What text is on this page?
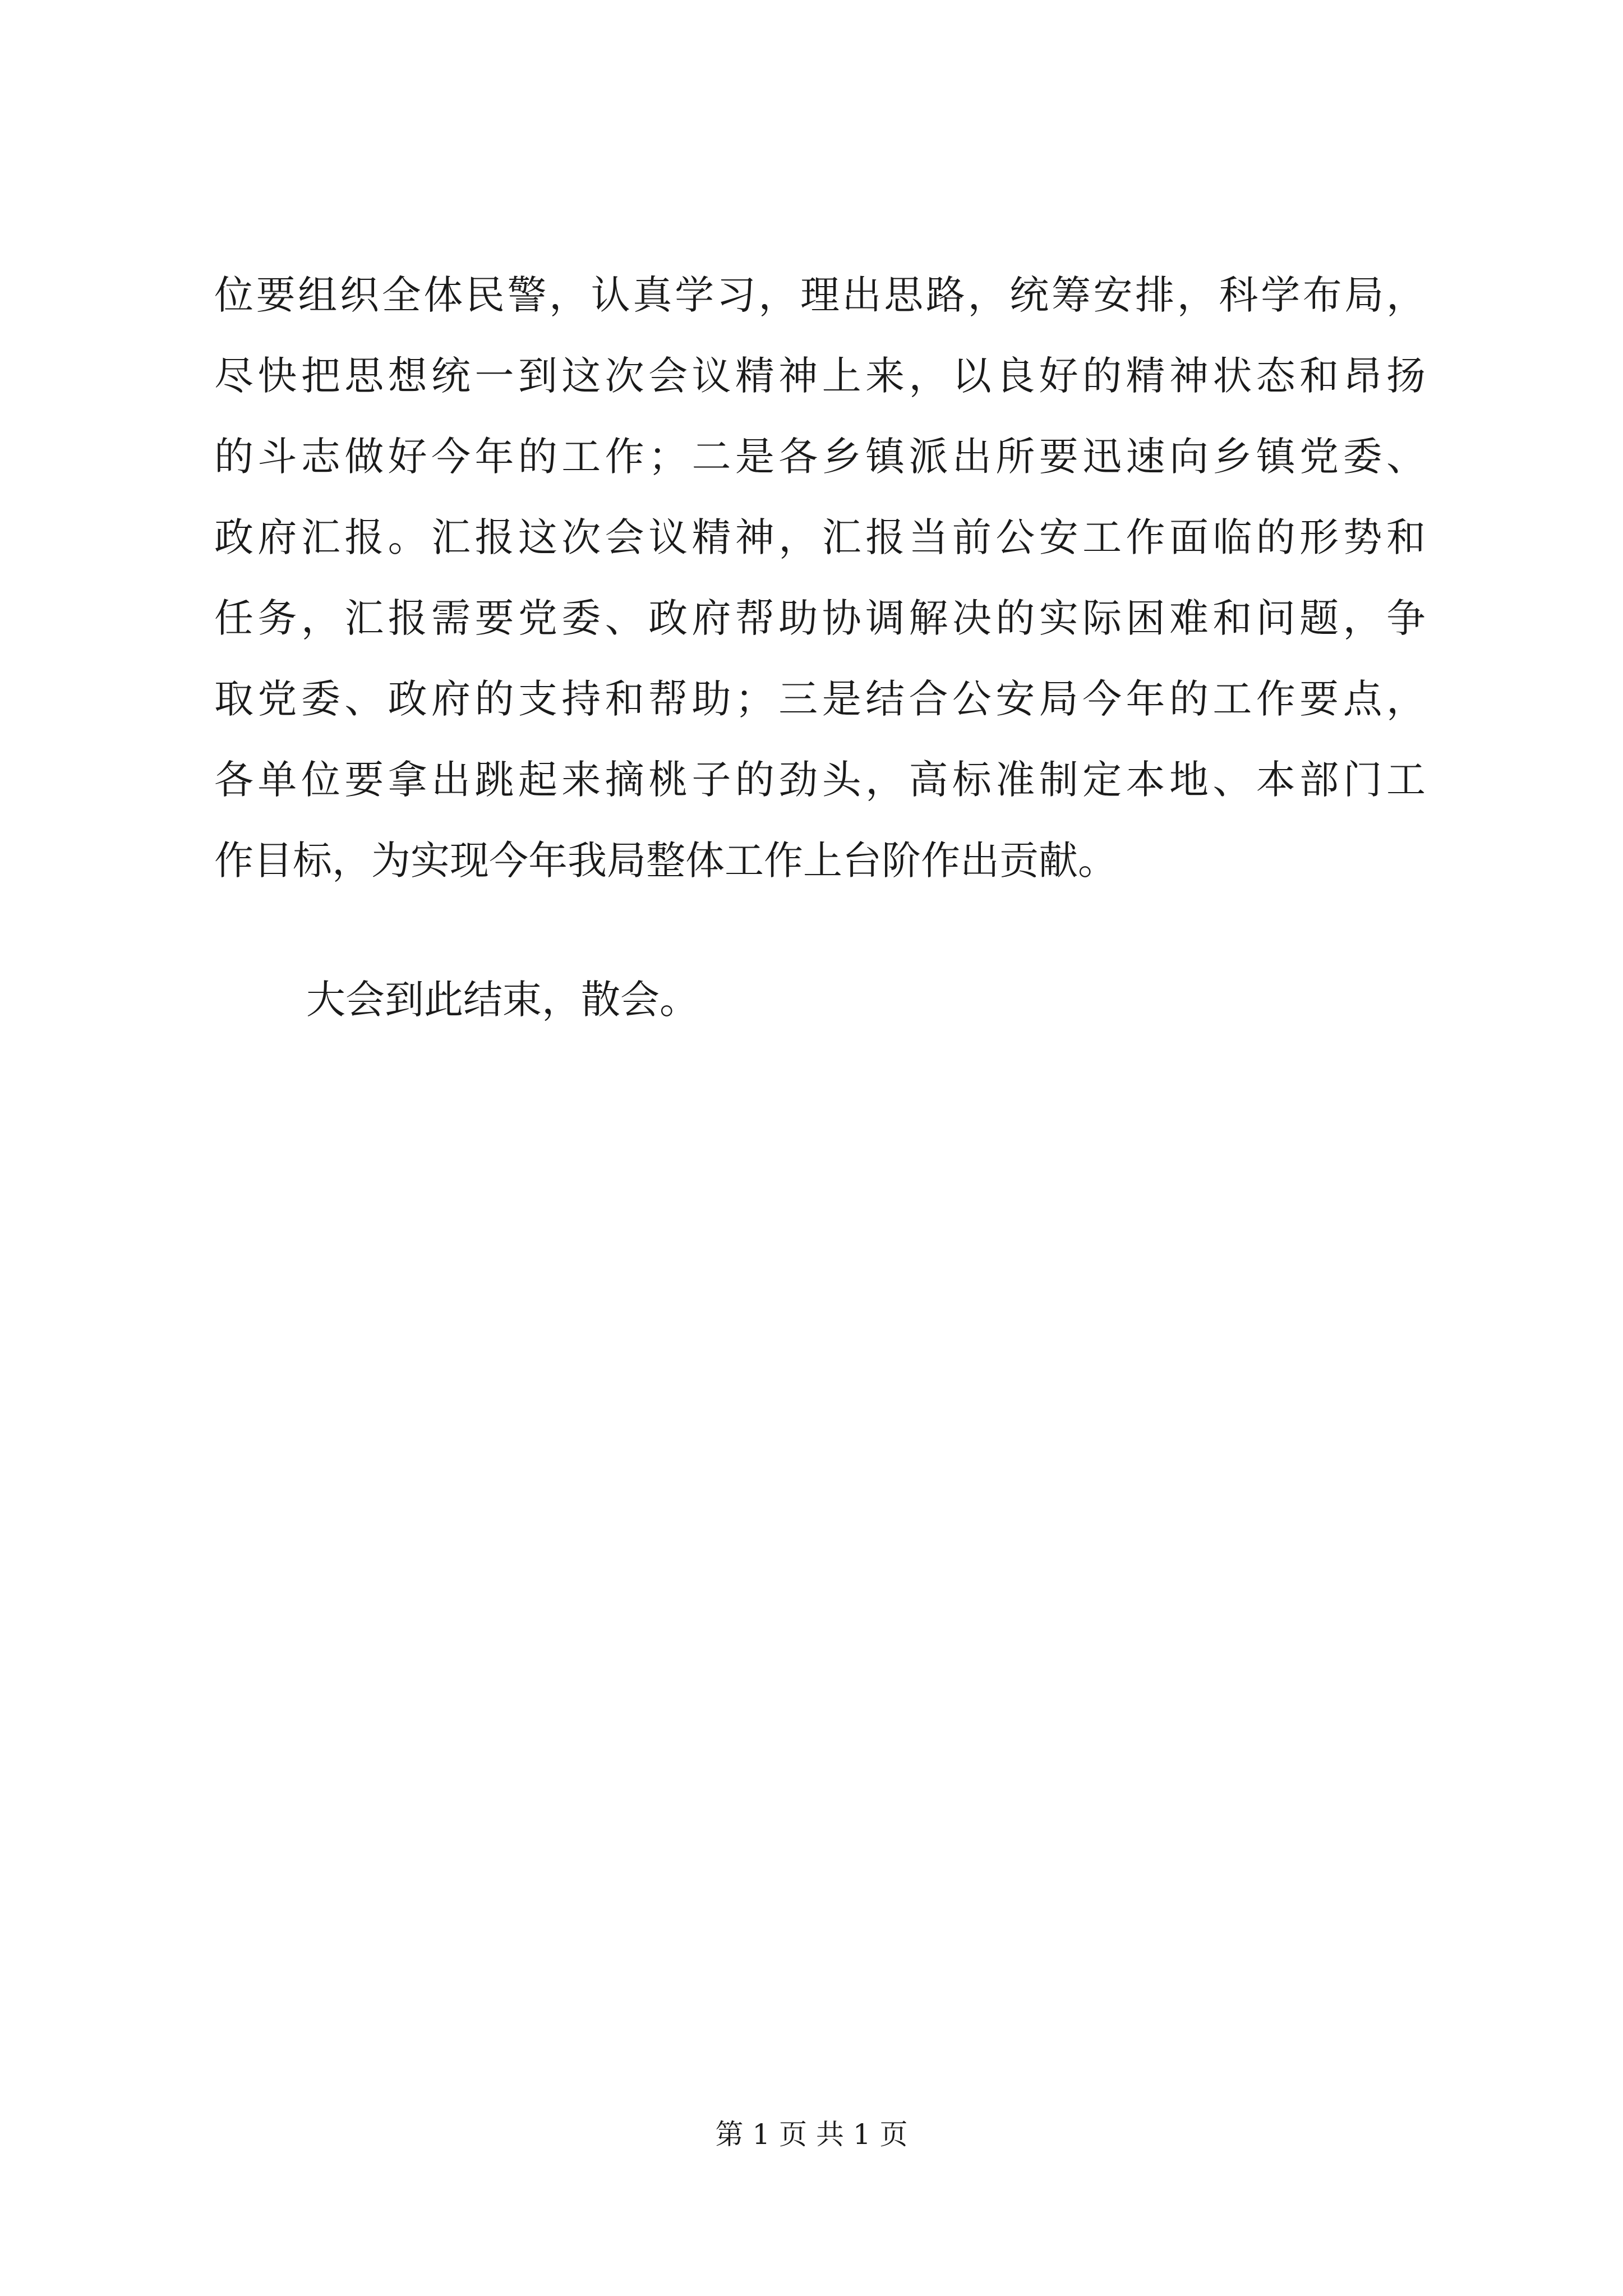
位要组织全体民警，认真学习，理出思路，统筹安排，科学布局，
尽快把思想统一到这次会议精神上来，以良好的精神状态和昂扬
的斗志做好今年的工作；二是各乡镇派出所要迅速向乡镇党委、
政府汇报。汇报这次会议精神，汇报当前公安工作面临的形势和
任务，汇报需要党委、政府帮助协调解决的实际困难和问题，争
取党委、政府的支持和帮助；三是结合公安局今年的工作要点，
各单位要拿出跳起来摘桃子的劲头，高标准制定本地、本部门工
作目标，为实现今年我局整体工作上台阶作出贡献。

大会到此结束，散会。

第 1 页 共 1 页
